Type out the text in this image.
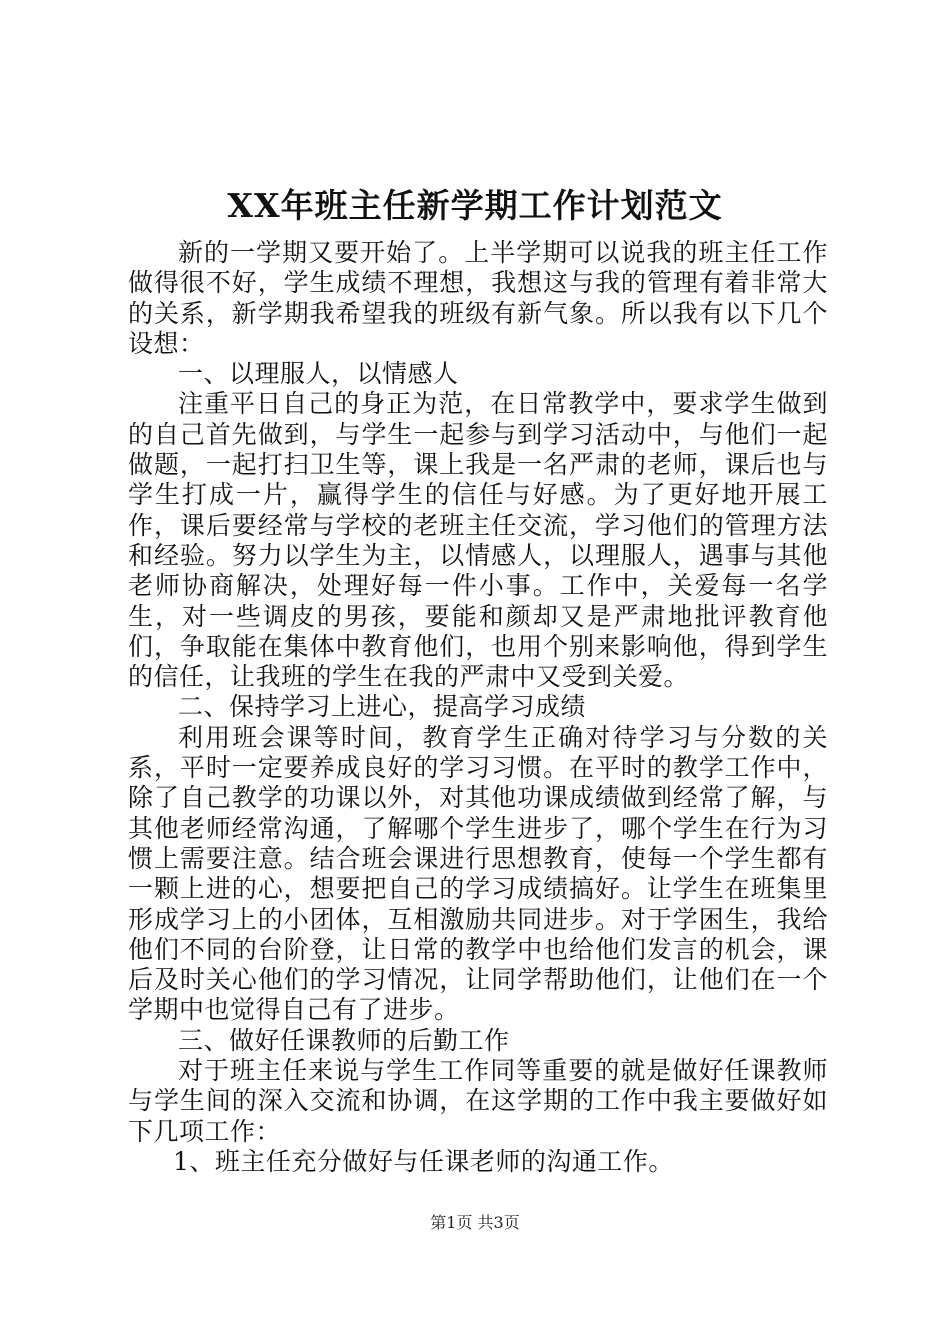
XX年班主任新学期工作计划范文

新的一学期又要开始了。上半学期可以说我的班主任工作做得很不好，学生成绩不理想，我想这与我的管理有着非常大的关系，新学期我希望我的班级有新气象。所以我有以下几个设想：

一、以理服人，以情感人

注重平日自己的身正为范，在日常教学中，要求学生做到的自己首先做到，与学生一起参与到学习活动中，与他们一起做题，一起打扫卫生等，课上我是一名严肃的老师，课后也与学生打成一片，赢得学生的信任与好感。为了更好地开展工作，课后要经常与学校的老班主任交流，学习他们的管理方法和经验。努力以学生为主，以情感人，以理服人，遇事与其他老师协商解决，处理好每一件小事。工作中，关爱每一名学生，对一些调皮的男孩，要能和颜却又是严肃地批评教育他们，争取能在集体中教育他们，也用个别来影响他，得到学生的信任，让我班的学生在我的严肃中又受到关爱。

二、保持学习上进心，提高学习成绩

利用班会课等时间，教育学生正确对待学习与分数的关系，平时一定要养成良好的学习习惯。在平时的教学工作中，除了自己教学的功课以外，对其他功课成绩做到经常了解，与其他老师经常沟通，了解哪个学生进步了，哪个学生在行为习惯上需要注意。结合班会课进行思想教育，使每一个学生都有一颗上进的心，想要把自己的学习成绩搞好。让学生在班集里形成学习上的小团体，互相激励共同进步。对于学困生，我给他们不同的台阶登，让日常的教学中也给他们发言的机会，课后及时关心他们的学习情况，让同学帮助他们，让他们在一个学期中也觉得自己有了进步。

三、做好任课教师的后勤工作

对于班主任来说与学生工作同等重要的就是做好任课教师与学生间的深入交流和协调，在这学期的工作中我主要做好如下几项工作：

1、班主任充分做好与任课老师的沟通工作。

第1页 共3页
